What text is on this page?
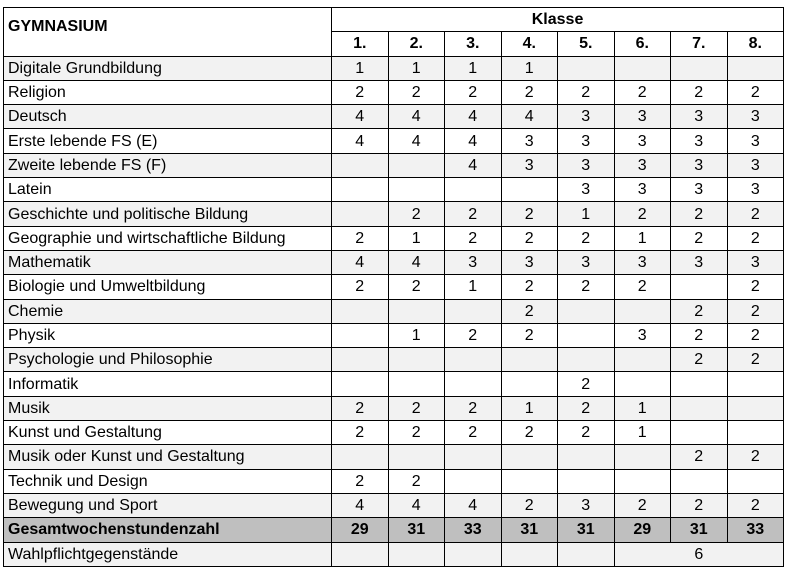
GYMNASIUM	Klasse							
	1.	2.	3.	4.	5.	6.	7.	8.
Digitale Grundbildung	1	1	1	1				
Religion	2	2	2	2	2	2	2	2
Deutsch	4	4	4	4	3	3	3	3
Erste lebende FS (E)	4	4	4	3	3	3	3	3
Zweite lebende FS (F)			4	3	3	3	3	3
Latein					3	3	3	3
Geschichte und politische Bildung		2	2	2	1	2	2	2
Geographie und wirtschaftliche Bildung	2	1	2	2	2	1	2	2
Mathematik	4	4	3	3	3	3	3	3
Biologie und Umweltbildung	2	2	1	2	2	2		2
Chemie				2			2	2
Physik		1	2	2		3	2	2
Psychologie und Philosophie							2	2
Informatik					2			
Musik	2	2	2	1	2	1		
Kunst und Gestaltung	2	2	2	2	2	1		
Musik oder Kunst und Gestaltung							2	2
Technik und Design	2	2						
Bewegung und Sport	4	4	4	2	3	2	2	2
Gesamtwochenstundenzahl	29	31	33	31	31	29	31	33
Wahlpflichtgegenstände						6		
